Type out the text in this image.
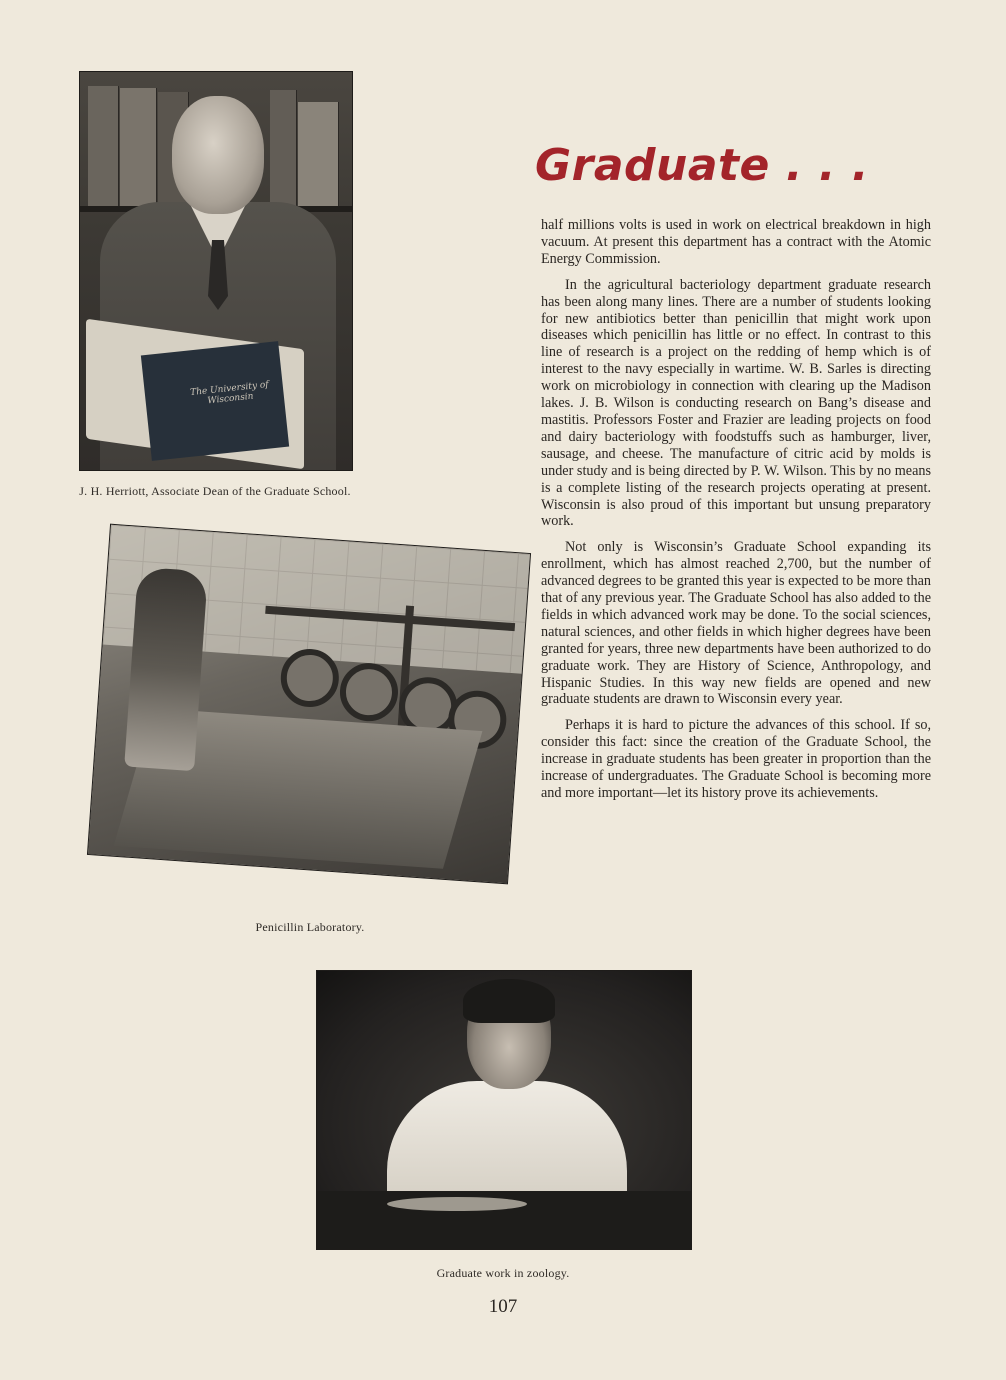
The University of Wisconsin
J. H. Herriott, Associate Dean of the Graduate School.
Penicillin Laboratory.
Graduate . . .

half millions volts is used in work on electrical breakdown in high vacuum. At present this department has a contract with the Atomic Energy Commission.

In the agricultural bacteriology department graduate research has been along many lines. There are a number of students looking for new antibiotics better than penicillin that might work upon diseases which penicillin has little or no effect. In contrast to this line of research is a project on the redding of hemp which is of interest to the navy especially in wartime. W. B. Sarles is directing work on microbiology in connection with clearing up the Madison lakes. J. B. Wilson is conducting research on Bang’s disease and mastitis. Professors Foster and Frazier are leading projects on food and dairy bacteriology with foodstuffs such as hamburger, liver, sausage, and cheese. The manufacture of citric acid by molds is under study and is being directed by P. W. Wilson. This by no means is a complete listing of the research projects operating at present. Wisconsin is also proud of this important but unsung preparatory work.

Not only is Wisconsin’s Graduate School expanding its enrollment, which has almost reached 2,700, but the number of advanced degrees to be granted this year is expected to be more than that of any previous year. The Graduate School has also added to the fields in which advanced work may be done. To the social sciences, natural sciences, and other fields in which higher degrees have been granted for years, three new departments have been authorized to do graduate work. They are History of Science, Anthropology, and Hispanic Studies. In this way new fields are opened and new graduate students are drawn to Wisconsin every year.

Perhaps it is hard to picture the advances of this school. If so, consider this fact: since the creation of the Graduate School, the increase in graduate students has been greater in proportion than the increase of undergraduates. The Graduate School is becoming more and more important—let its history prove its achievements.

Graduate work in zoology.
107
